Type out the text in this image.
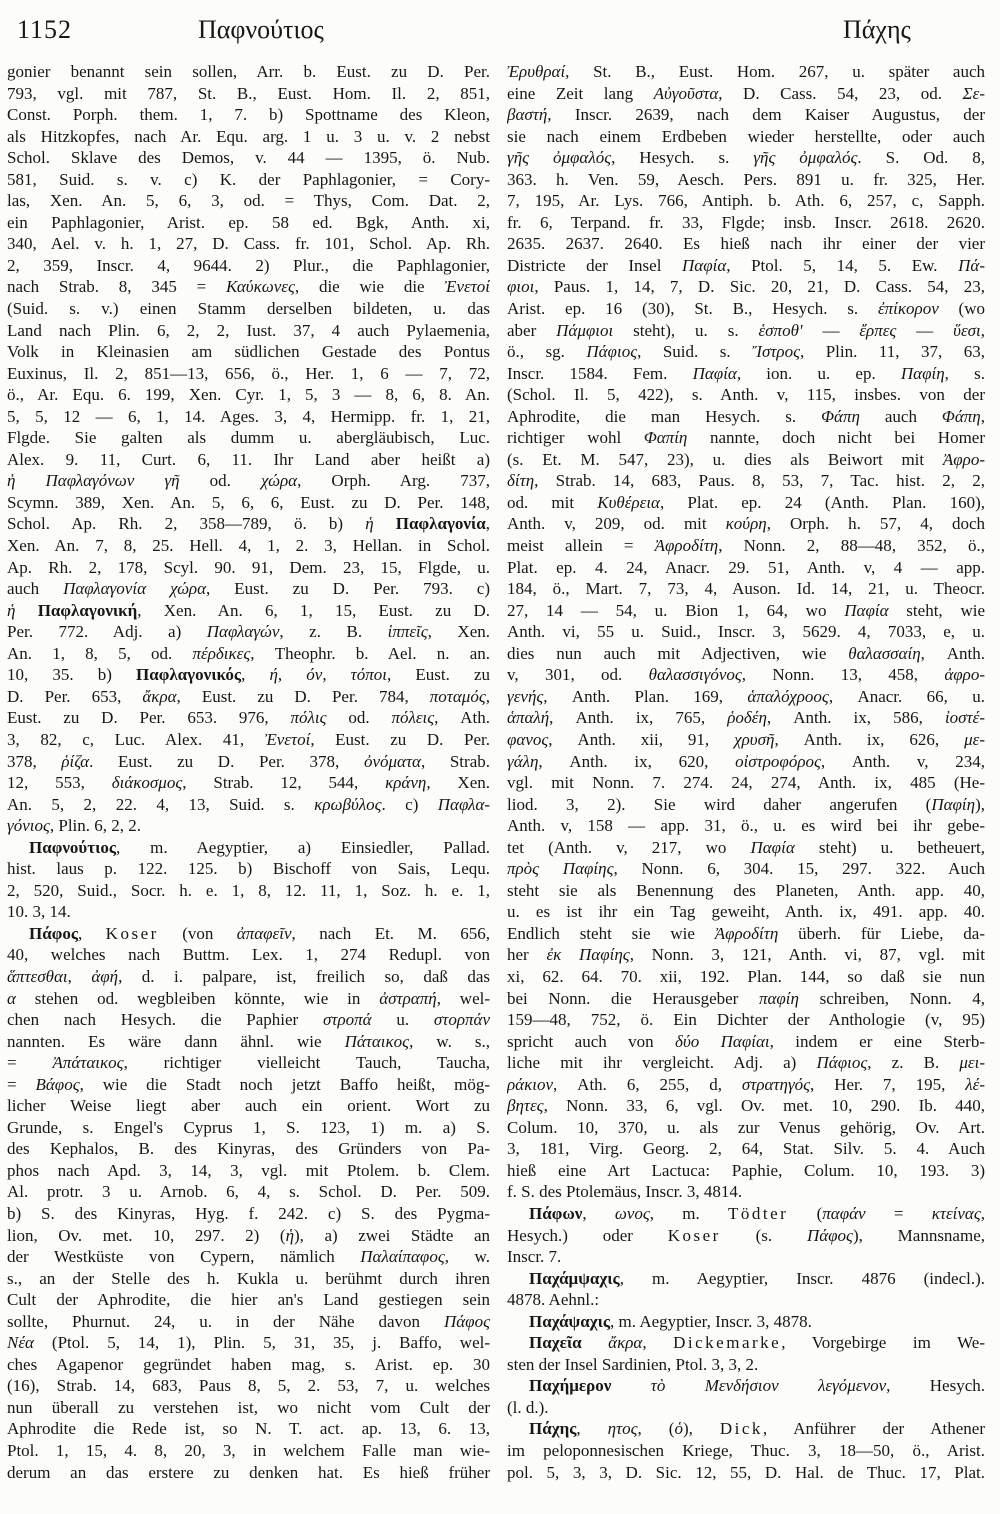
1152	Παφνούτιος	Πάχης
gonier benannt sein sollen, Arr. b. Eust. zu D. Per.
793, vgl. mit 787, St. B., Eust. Hom. Il. 2, 851,
Const. Porph. them. 1, 7. b) Spottname des Kleon,
als Hitzkopfes, nach Ar. Equ. arg. 1 u. 3 u. v. 2 nebst
Schol. Sklave des Demos, v. 44 — 1395, ö. Nub.
581, Suid. s. v. c) K. der Paphlagonier, = Cory-
las, Xen. An. 5, 6, 3, od. = Thys, Com. Dat. 2,
ein Paphlagonier, Arist. ep. 58 ed. Bgk, Anth. xi,
340, Ael. v. h. 1, 27, D. Cass. fr. 101, Schol. Ap. Rh.
2, 359, Inscr. 4, 9644. 2) Plur., die Paphlagonier,
nach Strab. 8, 345 = Καύκωνες, die wie die Ἐνετοί
(Suid. s. v.) einen Stamm derselben bildeten, u. das
Land nach Plin. 6, 2, 2, Iust. 37, 4 auch Pylaemenia,
Volk in Kleinasien am südlichen Gestade des Pontus
Euxinus, Il. 2, 851—13, 656, ö., Her. 1, 6 — 7, 72,
ö., Ar. Equ. 6. 199, Xen. Cyr. 1, 5, 3 — 8, 6, 8. An.
5, 5, 12 — 6, 1, 14. Ages. 3, 4, Hermipp. fr. 1, 21,
Flgde. Sie galten als dumm u. abergläubisch, Luc.
Alex. 9. 11, Curt. 6, 11. Ihr Land aber heißt a)
ἡ Παφλαγόνων γῆ od. χώρα, Orph. Arg. 737,
Scymn. 389, Xen. An. 5, 6, 6, Eust. zu D. Per. 148,
Schol. Ap. Rh. 2, 358—789, ö. b) ἡ Παφλαγονία,
Xen. An. 7, 8, 25. Hell. 4, 1, 2. 3, Hellan. in Schol.
Ap. Rh. 2, 178, Scyl. 90. 91, Dem. 23, 15, Flgde, u.
auch Παφλαγονία χώρα, Eust. zu D. Per. 793. c)
ἡ Παφλαγονική, Xen. An. 6, 1, 15, Eust. zu D.
Per. 772. Adj. a) Παφλαγών, z. B. ἱππεῖς, Xen.
An. 1, 8, 5, od. πέρδικες, Theophr. b. Ael. n. an.
10, 35. b) Παφλαγονικός, ή, όν, τόποι, Eust. zu
D. Per. 653, ἄκρα, Eust. zu D. Per. 784, ποταμός,
Eust. zu D. Per. 653. 976, πόλις od. πόλεις, Ath.
3, 82, c, Luc. Alex. 41, Ἐνετοί, Eust. zu D. Per.
378, ῥίζα. Eust. zu D. Per. 378, ὀνόματα, Strab.
12, 553, διάκοσμος, Strab. 12, 544, κράνη, Xen.
An. 5, 2, 22. 4, 13, Suid. s. κρωβύλος. c) Παφλα-
γόνιος, Plin. 6, 2, 2.
Παφνούτιος, m. Aegyptier, a) Einsiedler, Pallad.
hist. laus p. 122. 125. b) Bischoff von Sais, Lequ.
2, 520, Suid., Socr. h. e. 1, 8, 12. 11, 1, Soz. h. e. 1,
10. 3, 14.
Πάφος, Koser (von ἀπαφεῖν, nach Et. M. 656,
40, welches nach Buttm. Lex. 1, 274 Redupl. von
ἅπτεσθαι, ἀφή, d. i. palpare, ist, freilich so, daß das
α stehen od. wegbleiben könnte, wie in ἀστραπή, wel-
chen nach Hesych. die Paphier στροπά u. στορπάν
nannten. Es wäre dann ähnl. wie Πάταικος, w. s.,
= Ἀπάταικος, richtiger vielleicht Tauch, Taucha,
= Βάφος, wie die Stadt noch jetzt Baffo heißt, mög-
licher Weise liegt aber auch ein orient. Wort zu
Grunde, s. Engel's Cyprus 1, S. 123, 1) m. a) S.
des Kephalos, B. des Kinyras, des Gründers von Pa-
phos nach Apd. 3, 14, 3, vgl. mit Ptolem. b. Clem.
Al. protr. 3 u. Arnob. 6, 4, s. Schol. D. Per. 509.
b) S. des Kinyras, Hyg. f. 242. c) S. des Pygma-
lion, Ov. met. 10, 297. 2) (ἡ), a) zwei Städte an
der Westküste von Cypern, nämlich Παλαίπαφος, w.
s., an der Stelle des h. Kukla u. berühmt durch ihren
Cult der Aphrodite, die hier an's Land gestiegen sein
sollte, Phurnut. 24, u. in der Nähe davon Πάφος
Νέα (Ptol. 5, 14, 1), Plin. 5, 31, 35, j. Baffo, wel-
ches Agapenor gegründet haben mag, s. Arist. ep. 30
(16), Strab. 14, 683, Paus 8, 5, 2. 53, 7, u. welches
nun überall zu verstehen ist, wo nicht vom Cult der
Aphrodite die Rede ist, so N. T. act. ap. 13, 6. 13,
Ptol. 1, 15, 4. 8, 20, 3, in welchem Falle man wie-
derum an das erstere zu denken hat. Es hieß früher
Ἐρυθραί, St. B., Eust. Hom. 267, u. später auch
eine Zeit lang Αὐγοῦστα, D. Cass. 54, 23, od. Σε-
βαστή, Inscr. 2639, nach dem Kaiser Augustus, der
sie nach einem Erdbeben wieder herstellte, oder auch
γῆς ὀμφαλός, Hesych. s. γῆς ὀμφαλός. S. Od. 8,
363. h. Ven. 59, Aesch. Pers. 891 u. fr. 325, Her.
7, 195, Ar. Lys. 766, Antiph. b. Ath. 6, 257, c, Sapph.
fr. 6, Terpand. fr. 33, Flgde; insb. Inscr. 2618. 2620.
2635. 2637. 2640. Es hieß nach ihr einer der vier
Districte der Insel Παφία, Ptol. 5, 14, 5. Ew. Πά-
φιοι, Paus. 1, 14, 7, D. Sic. 20, 21, D. Cass. 54, 23,
Arist. ep. 16 (30), St. B., Hesych. s. ἐπίκορον (wo
aber Πάμφιοι steht), u. s. ἑσποθ' — ἔρπες — ὕεσι,
ö., sg. Πάφιος, Suid. s. Ἴστρος, Plin. 11, 37, 63,
Inscr. 1584. Fem. Παφία, ion. u. ep. Παφίη, s.
(Schol. Il. 5, 422), s. Anth. v, 115, insbes. von der
Aphrodite, die man Hesych. s. Φάπη auch Φάπη,
richtiger wohl Φαπίη nannte, doch nicht bei Homer
(s. Et. M. 547, 23), u. dies als Beiwort mit Ἀφρο-
δίτη, Strab. 14, 683, Paus. 8, 53, 7, Tac. hist. 2, 2,
od. mit Κυθέρεια, Plat. ep. 24 (Anth. Plan. 160),
Anth. v, 209, od. mit κούρη, Orph. h. 57, 4, doch
meist allein = Ἀφροδίτη, Nonn. 2, 88—48, 352, ö.,
Plat. ep. 4. 24, Anacr. 29. 51, Anth. v, 4 — app.
184, ö., Mart. 7, 73, 4, Auson. Id. 14, 21, u. Theocr.
27, 14 — 54, u. Bion 1, 64, wo Παφία steht, wie
Anth. vi, 55 u. Suid., Inscr. 3, 5629. 4, 7033, e, u.
dies nun auch mit Adjectiven, wie θαλασσαίη, Anth.
v, 301, od. θαλασσιγόνος, Nonn. 13, 458, ἀφρο-
γενής, Anth. Plan. 169, ἁπαλόχροος, Anacr. 66, u.
ἁπαλή, Anth. ix, 765, ῥοδέη, Anth. ix, 586, ἰοστέ-
φανος, Anth. xii, 91, χρυσῆ, Anth. ix, 626, με-
γάλη, Anth. ix, 620, οἰστροφόρος, Anth. v, 234,
vgl. mit Nonn. 7. 274. 24, 274, Anth. ix, 485 (He-
liod. 3, 2). Sie wird daher angerufen (Παφίη),
Anth. v, 158 — app. 31, ö., u. es wird bei ihr gebe-
tet (Anth. v, 217, wo Παφία steht) u. betheuert,
πρὸς Παφίης, Nonn. 6, 304. 15, 297. 322. Auch
steht sie als Benennung des Planeten, Anth. app. 40,
u. es ist ihr ein Tag geweiht, Anth. ix, 491. app. 40.
Endlich steht sie wie Ἀφροδίτη überh. für Liebe, da-
her ἐκ Παφίης, Nonn. 3, 121, Anth. vi, 87, vgl. mit
xi, 62. 64. 70. xii, 192. Plan. 144, so daß sie nun
bei Nonn. die Herausgeber παφίη schreiben, Nonn. 4,
159—48, 752, ö. Ein Dichter der Anthologie (v, 95)
spricht auch von δύο Παφίαι, indem er eine Sterb-
liche mit ihr vergleicht. Adj. a) Πάφιος, z. B. μει-
ράκιον, Ath. 6, 255, d, στρατηγός, Her. 7, 195, λέ-
βητες, Nonn. 33, 6, vgl. Ov. met. 10, 290. Ib. 440,
Colum. 10, 370, u. als zur Venus gehörig, Ov. Art.
3, 181, Virg. Georg. 2, 64, Stat. Silv. 5. 4. Auch
hieß eine Art Lactuca: Paphie, Colum. 10, 193. 3)
f. S. des Ptolemäus, Inscr. 3, 4814.
Πάφων, ωνος, m. Tödter (παφάν = κτείνας,
Hesych.) oder Koser (s. Πάφος), Mannsname,
Inscr. 7.
Παχάμψαχις, m. Aegyptier, Inscr. 4876 (indecl.).
4878. Aehnl.:
Παχάψαχις, m. Aegyptier, Inscr. 3, 4878.
Παχεῖα ἄκρα, Dickemarke, Vorgebirge im We-
sten der Insel Sardinien, Ptol. 3, 3, 2.
Παχήμερον τὸ Μενδήσιον λεγόμενον, Hesych.
(l. d.).
Πάχης, ητος, (ὁ), Dick, Anführer der Athener
im peloponnesischen Kriege, Thuc. 3, 18—50, ö., Arist.
pol. 5, 3, 3, D. Sic. 12, 55, D. Hal. de Thuc. 17, Plat.
